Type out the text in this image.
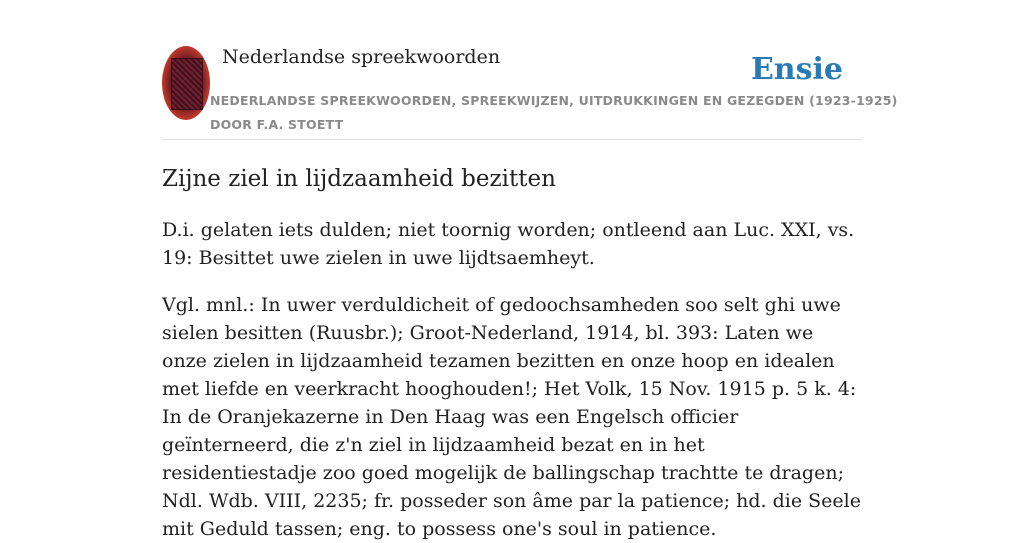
Nederlandse spreekwoorden	Ensie
NEDERLANDSE SPREEKWOORDEN, SPREEKWIJZEN, UITDRUKKINGEN EN GEZEGDEN (1923-1925)
DOOR F.A. STOETT
Zijne ziel in lijdzaamheid bezitten

D.i. gelaten iets dulden; niet toornig worden; ontleend aan Luc. XXI, vs. 19: Besittet uwe zielen in uwe lijdtsaemheyt.

Vgl. mnl.: In uwer verduldicheit of gedoochsamheden soo selt ghi uwe sielen besitten (Ruusbr.); Groot-Nederland, 1914, bl. 393: Laten we onze zielen in lijdzaamheid tezamen bezitten en onze hoop en idealen met liefde en veerkracht hooghouden!; Het Volk, 15 Nov. 1915 p. 5 k. 4: In de Oranjekazerne in Den Haag was een Engelsch officier geïnterneerd, die z'n ziel in lijdzaamheid bezat en in het residentiestadje zoo goed mogelijk de ballingschap trachtte te dragen; Ndl. Wdb. VIII, 2235; fr. posseder son âme par la patience; hd. die Seele mit Geduld tassen; eng. to possess one's soul in patience.
